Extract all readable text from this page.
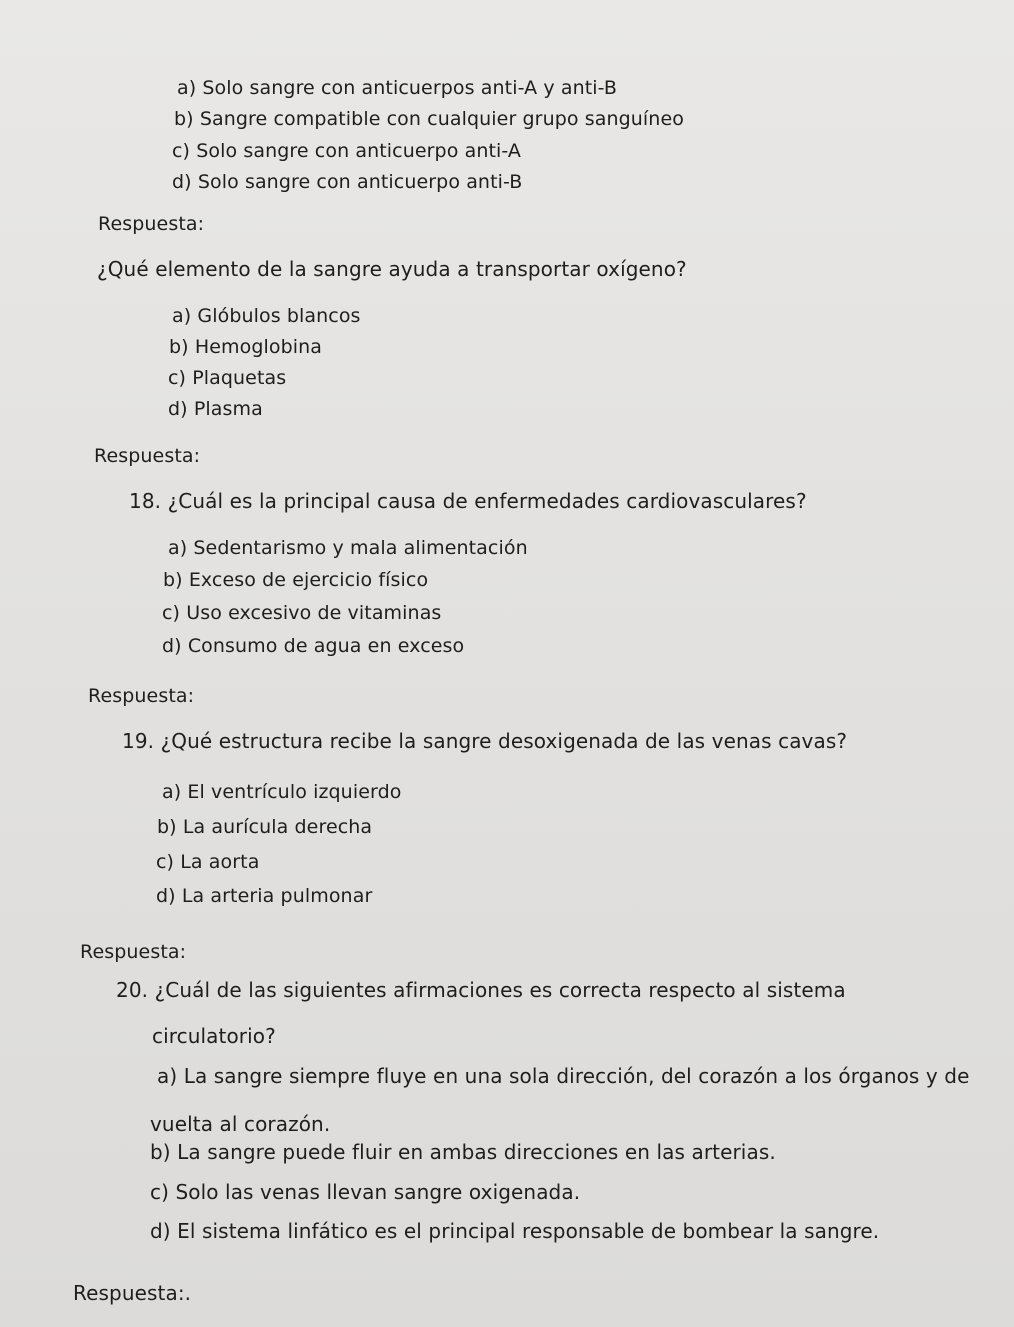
a) Solo sangre con anticuerpos anti-A y anti-B
b) Sangre compatible con cualquier grupo sanguíneo
c) Solo sangre con anticuerpo anti-A
d) Solo sangre con anticuerpo anti-B
Respuesta:
¿Qué elemento de la sangre ayuda a transportar oxígeno?
a) Glóbulos blancos
b) Hemoglobina
c) Plaquetas
d) Plasma
Respuesta:
18. ¿Cuál es la principal causa de enfermedades cardiovasculares?
a) Sedentarismo y mala alimentación
b) Exceso de ejercicio físico
c) Uso excesivo de vitaminas
d) Consumo de agua en exceso
Respuesta:
19. ¿Qué estructura recibe la sangre desoxigenada de las venas cavas?
a) El ventrículo izquierdo
b) La aurícula derecha
c) La aorta
d) La arteria pulmonar
Respuesta:
20. ¿Cuál de las siguientes afirmaciones es correcta respecto al sistema
circulatorio?
a) La sangre siempre fluye en una sola dirección, del corazón a los órganos y de
vuelta al corazón.
b) La sangre puede fluir en ambas direcciones en las arterias.
c) Solo las venas llevan sangre oxigenada.
d) El sistema linfático es el principal responsable de bombear la sangre.
Respuesta:.
